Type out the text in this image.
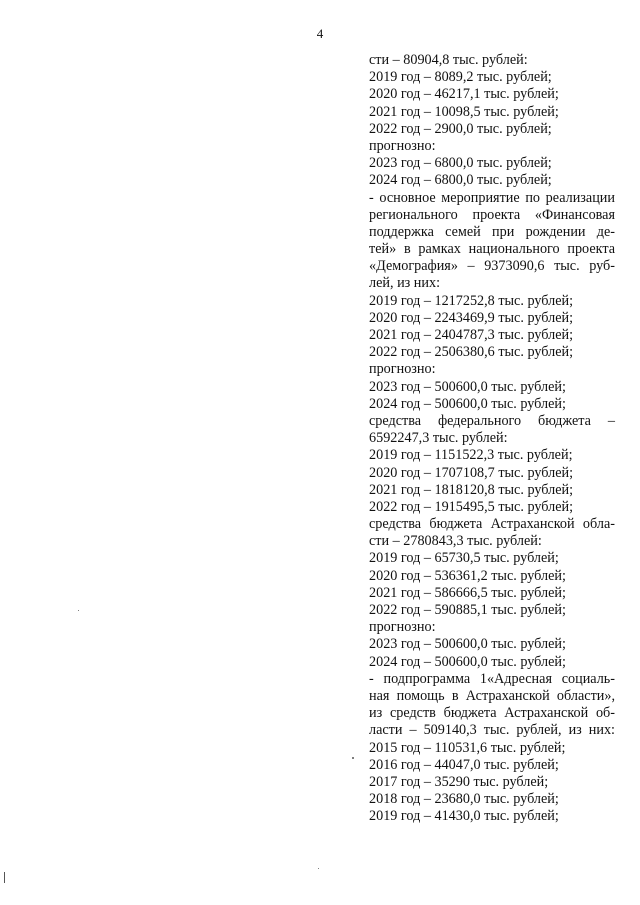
4
сти – 80904,8 тыс. рублей:
2019 год – 8089,2 тыс. рублей;
2020 год – 46217,1 тыс. рублей;
2021 год – 10098,5 тыс. рублей;
2022 год – 2900,0 тыс. рублей;
прогнозно:
2023 год – 6800,0 тыс. рублей;
2024 год – 6800,0 тыс. рублей;
- основное мероприятие по реализации
регионального проекта «Финансовая
поддержка семей при рождении де-
тей» в рамках национального проекта
«Демография» – 9373090,6 тыс. руб-
лей, из них:
2019 год – 1217252,8 тыс. рублей;
2020 год – 2243469,9 тыс. рублей;
2021 год – 2404787,3 тыс. рублей;
2022 год – 2506380,6 тыс. рублей;
прогнозно:
2023 год – 500600,0 тыс. рублей;
2024 год – 500600,0 тыс. рублей;
средства федерального бюджета –
6592247,3 тыс. рублей:
2019 год – 1151522,3 тыс. рублей;
2020 год – 1707108,7 тыс. рублей;
2021 год – 1818120,8 тыс. рублей;
2022 год – 1915495,5 тыс. рублей;
средства бюджета Астраханской обла-
сти – 2780843,3 тыс. рублей:
2019 год – 65730,5 тыс. рублей;
2020 год – 536361,2 тыс. рублей;
2021 год – 586666,5 тыс. рублей;
2022 год – 590885,1 тыс. рублей;
прогнозно:
2023 год – 500600,0 тыс. рублей;
2024 год – 500600,0 тыс. рублей;
- подпрограмма 1«Адресная социаль-
ная помощь в Астраханской области»,
из средств бюджета Астраханской об-
ласти – 509140,3 тыс. рублей, из них:
2015 год – 110531,6 тыс. рублей;
2016 год – 44047,0 тыс. рублей;
2017 год – 35290 тыс. рублей;
2018 год – 23680,0 тыс. рублей;
2019 год – 41430,0 тыс. рублей;
